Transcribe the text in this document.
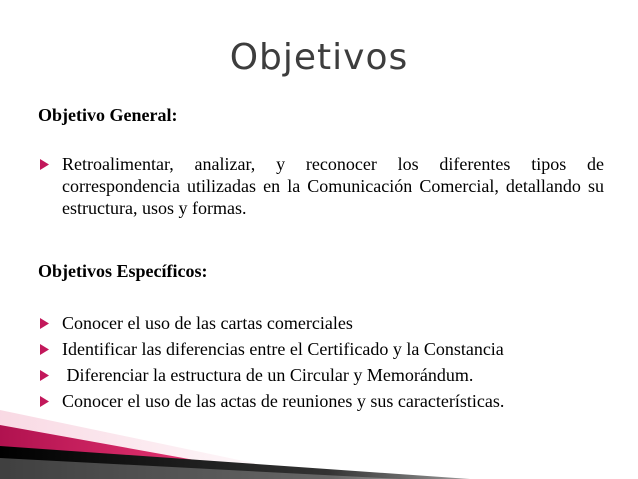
Objetivos

Objetivo General:

Retroalimentar, analizar, y reconocer los diferentes tipos de correspondencia utilizadas en la Comunicación Comercial, detallando su estructura, usos y formas.

Objetivos Específicos:

Conocer el uso de las cartas comerciales
Identificar las diferencias entre el Certificado y la Constancia
Diferenciar la estructura de un Circular y Memorándum.
Conocer el uso de las actas de reuniones y sus características.
